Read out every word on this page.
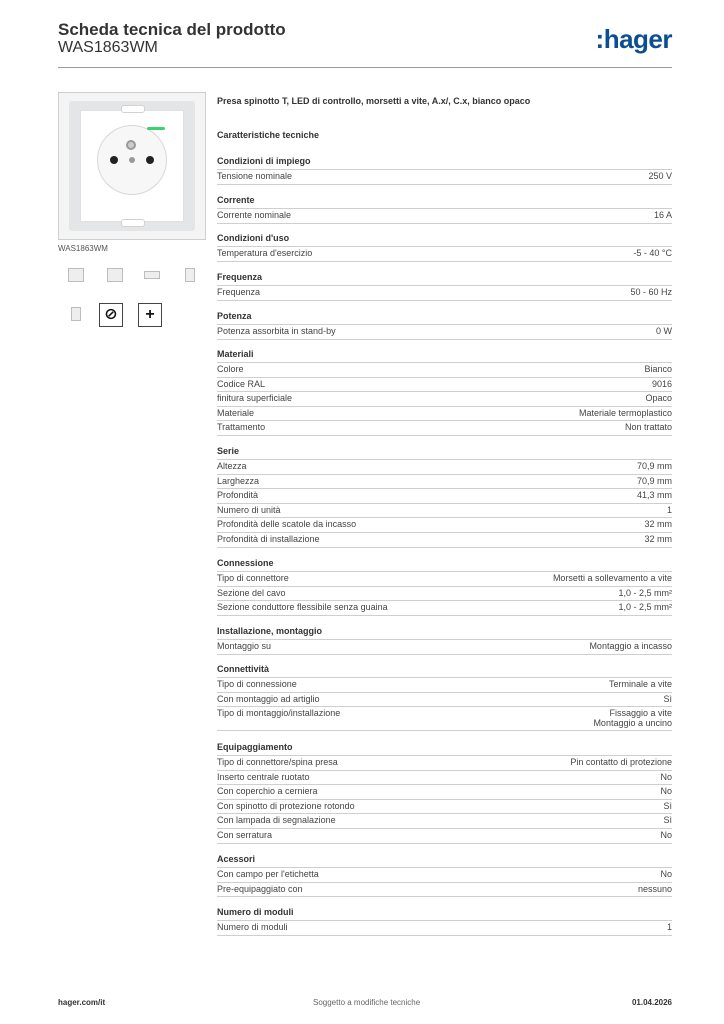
Scheda tecnica del prodotto
WAS1863WM	:hager
WAS1863WM
⊘	+
Presa spinotto T, LED di controllo, morsetti a vite, A.x/, C.x, bianco opaco
Caratteristiche tecniche
Condizioni di impiego
Tensione nominale	250 V
Corrente
Corrente nominale	16 A
Condizioni d'uso
Temperatura d'esercizio	-5 - 40 °C
Frequenza
Frequenza	50 - 60 Hz
Potenza
Potenza assorbita in stand-by	0 W
Materiali
Colore	Bianco
Codice RAL	9016
finitura superficiale	Opaco
Materiale	Materiale termoplastico
Trattamento	Non trattato
Serie
Altezza	70,9 mm
Larghezza	70,9 mm
Profondità	41,3 mm
Numero di unità	1
Profondità delle scatole da incasso	32 mm
Profondità di installazione	32 mm
Connessione
Tipo di connettore	Morsetti a sollevamento a vite
Sezione del cavo	1,0 - 2,5 mm²
Sezione conduttore flessibile senza guaina	1,0 - 2,5 mm²
Installazione, montaggio
Montaggio su	Montaggio a incasso
Connettività
Tipo di connessione	Terminale a vite
Con montaggio ad artiglio	Sì
Tipo di montaggio/installazione	Fissaggio a vite
Montaggio a uncino
Equipaggiamento
Tipo di connettore/spina presa	Pin contatto di protezione
Inserto centrale ruotato	No
Con coperchio a cerniera	No
Con spinotto di protezione rotondo	Sì
Con lampada di segnalazione	Sì
Con serratura	No
Acessori
Con campo per l'etichetta	No
Pre-equipaggiato con	nessuno
Numero di moduli
Numero di moduli	1
hager.com/it	Soggetto a modifiche tecniche	01.04.2026
